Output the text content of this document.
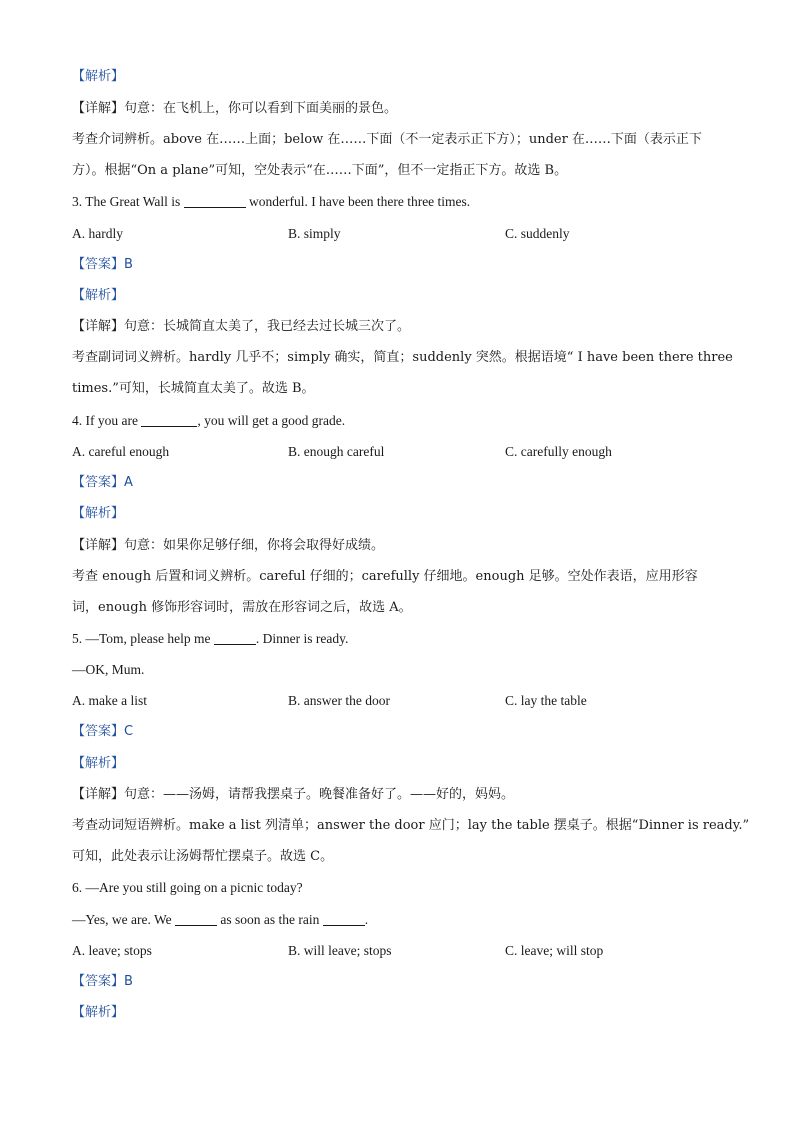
【解析】
【详解】句意：在飞机上，你可以看到下面美丽的景色。
考查介词辨析。above 在……上面；below 在……下面（不一定表示正下方）；under 在……下面（表示正下
方）。根据“On a plane”可知，空处表示“在……下面”，但不一定指正下方。故选 B。
3. The Great Wall is	wonderful. I have been there three times.
A. hardly	B. simply	C. suddenly
【答案】B
【解析】
【详解】句意：长城简直太美了，我已经去过长城三次了。
考查副词词义辨析。hardly 几乎不；simply 确实，简直；suddenly 突然。根据语境“ I have been there three
times.”可知，长城简直太美了。故选 B。
4. If you are	, you will get a good grade.
A. careful enough	B. enough careful	C. carefully enough
【答案】A
【解析】
【详解】句意：如果你足够仔细，你将会取得好成绩。
考查 enough 后置和词义辨析。careful 仔细的；carefully 仔细地。enough 足够。空处作表语，应用形容
词，enough 修饰形容词时，需放在形容词之后，故选 A。
5. —Tom, please help me	. Dinner is ready.
—OK, Mum.
A. make a list	B. answer the door	C. lay the table
【答案】C
【解析】
【详解】句意：——汤姆，请帮我摆桌子。晚餐准备好了。——好的，妈妈。
考查动词短语辨析。make a list 列清单；answer the door 应门；lay the table 摆桌子。根据“Dinner is ready.”
可知，此处表示让汤姆帮忙摆桌子。故选 C。
6. —Are you still going on a picnic today?
—Yes, we are. We	as soon as the rain	.
A. leave; stops	B. will leave; stops	C. leave; will stop
【答案】B
【解析】
